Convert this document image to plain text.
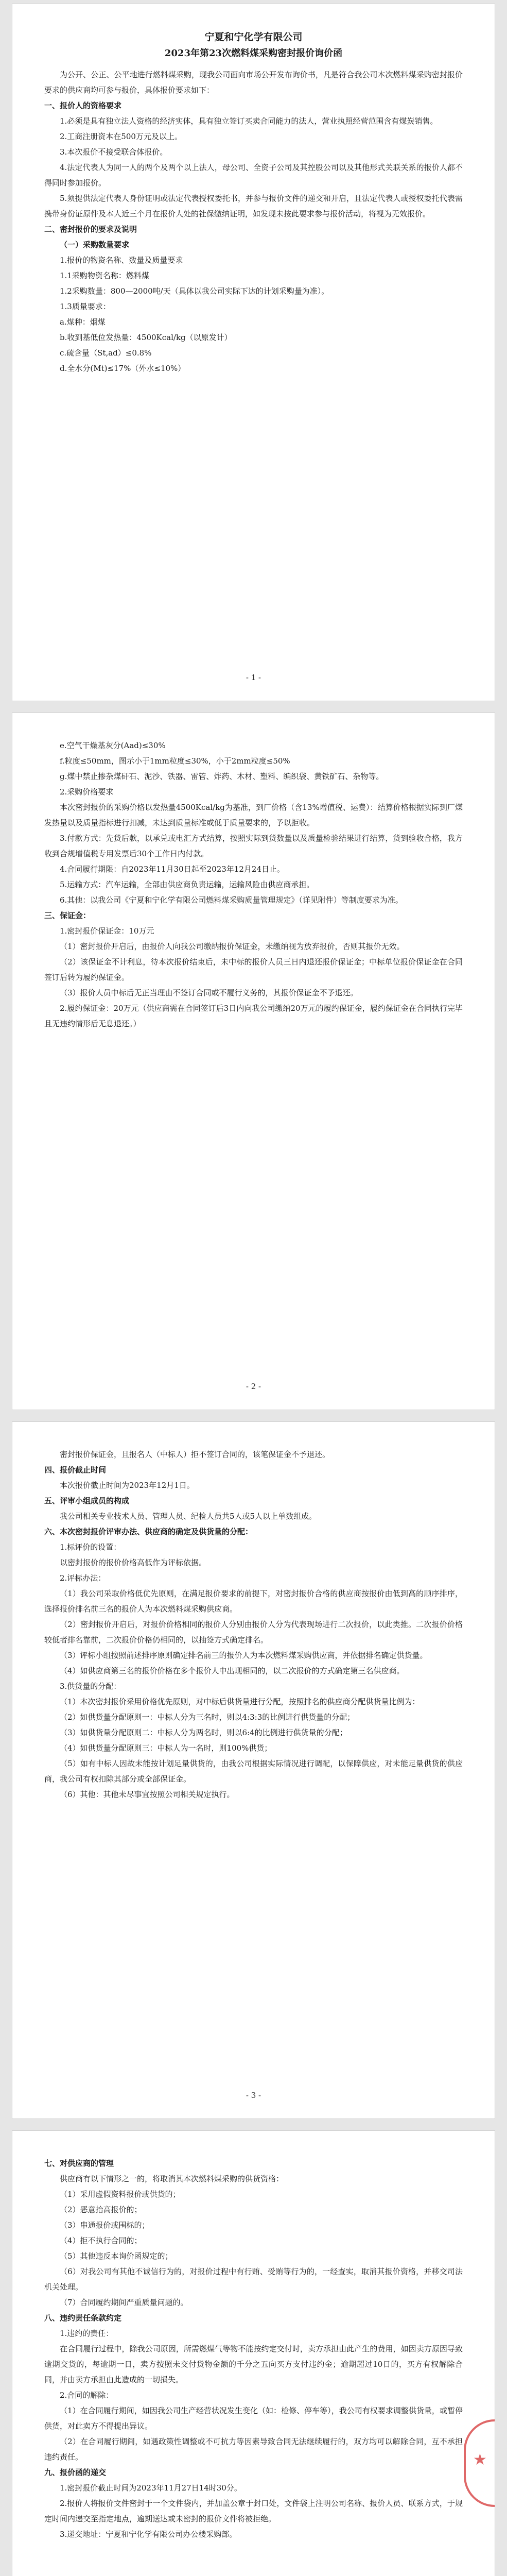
宁夏和宁化学有限公司

2023年第23次燃料煤采购密封报价询价函

为公开、公正、公平地进行燃料煤采购，现我公司面向市场公开发布询价书，凡是符合我公司本次燃料煤采购密封报价要求的供应商均可参与报价，具体报价要求如下：

一、报价人的资格要求

1.必须是具有独立法人资格的经济实体，具有独立签订买卖合同能力的法人，营业执照经营范围含有煤炭销售。

2.工商注册资本在500万元及以上。

3.本次报价不接受联合体报价。

4.法定代表人为同一人的两个及两个以上法人，母公司、全资子公司及其控股公司以及其他形式关联关系的报价人都不得同时参加报价。

5.须提供法定代表人身份证明或法定代表授权委托书，并参与报价文件的递交和开启，且法定代表人或授权委托代表需携带身份证原件及本人近三个月在报价人处的社保缴纳证明，如发现未按此要求参与报价活动，将视为无效报价。

二、密封报价的要求及说明

（一）采购数量要求

1.报价的物资名称、数量及质量要求

1.1采购物资名称：燃料煤

1.2采购数量：800—2000吨/天（具体以我公司实际下达的计划采购量为准）。

1.3质量要求：

a.煤种：烟煤

b.收到基低位发热量：4500Kcal/kg（以原发计）

c.硫含量（St,ad）≤0.8%

d.全水分(Mt)≤17%（外水≤10%）

- 1 -

e.空气干燥基灰分(Aad)≤30%

f.粒度≤50mm，图示小于1mm粒度≤30%，小于2mm粒度≤50%

g.煤中禁止掺杂煤矸石、泥沙、铁器、雷管、炸药、木材、塑料、编织袋、黄铁矿石、杂物等。

2.采购价格要求

本次密封报价的采购价格以发热量4500Kcal/kg为基准，到厂价格（含13%增值税、运费）：结算价格根据实际到厂煤发热量以及质量指标进行扣减，未达到质量标准或低于质量要求的，予以拒收。

3.付款方式：先货后款，以承兑或电汇方式结算，按照实际到货数量以及质量检验结果进行结算，货到验收合格，我方收到合规增值税专用发票后30个工作日内付款。

4.合同履行期限：自2023年11月30日起至2023年12月24日止。

5.运输方式：汽车运输，全部由供应商负责运输，运输风险由供应商承担。

6.其他：以我公司《宁夏和宁化学有限公司燃料煤采购质量管理规定》（详见附件）等制度要求为准。

三、保证金：

1.密封报价保证金：10万元

（1）密封报价开启后，由报价人向我公司缴纳报价保证金，未缴纳视为放弃报价，否则其报价无效。

（2）该保证金不计利息，待本次报价结束后，未中标的报价人员三日内退还报价保证金；中标单位报价保证金在合同签订后转为履约保证金。

（3）报价人员中标后无正当理由不签订合同或不履行义务的，其报价保证金不予退还。

2.履约保证金：20万元（供应商需在合同签订后3日内向我公司缴纳20万元的履约保证金，履约保证金在合同执行完毕且无违约情形后无息退还。）

- 2 -

密封报价保证金，且报名人（中标人）拒不签订合同的，该笔保证金不予退还。

四、报价截止时间

本次报价截止时间为2023年12月1日。

五、评审小组成员的构成

我公司相关专业技术人员、管理人员、纪检人员共5人或5人以上单数组成。

六、本次密封报价评审办法、供应商的确定及供货量的分配：

1.标评价的设置：

以密封报价的报价价格高低作为评标依据。

2.评标办法：

（1）我公司采取价格低优先原则，在满足报价要求的前提下，对密封报价合格的供应商按报价由低到高的顺序排序，选择报价排名前三名的报价人为本次燃料煤采购供应商。

（2）密封报价开启后，对报价价格相同的报价人分别由报价人分为代表现场进行二次报价，以此类推。二次报价价格较低者排名靠前，二次报价价格仍相同的，以抽签方式确定排名。

（3）评标小组按照前述排序原则确定排名前三的报价人为本次燃料煤采购供应商，并依据排名确定供货量。

（4）如供应商第三名的报价价格在多个报价人中出现相同的，以二次报价的方式确定第三名供应商。

3.供货量的分配：

（1）本次密封报价采用价格优先原则，对中标后供货量进行分配，按照排名的供应商分配供货量比例为：

（2）如供货量分配原则一：中标人分为三名时，则以4:3:3的比例进行供货量的分配；

（3）如供货量分配原则二：中标人分为两名时，则以6:4的比例进行供货量的分配；

（4）如供货量分配原则三：中标人为一名时，则100%供货；

（5）如有中标人因故未能按计划足量供货的，由我公司根据实际情况进行调配，以保障供应，对未能足量供货的供应商，我公司有权扣除其部分或全部保证金。

（6）其他：其他未尽事宜按照公司相关规定执行。

- 3 -

七、对供应商的管理

供应商有以下情形之一的，将取消其本次燃料煤采购的供货资格：

（1）采用虚假资料报价或供货的；

（2）恶意抬高报价的；

（3）串通报价或围标的；

（4）拒不执行合同的；

（5）其他违反本询价函规定的；

（6）对我公司有其他不诚信行为的，对报价过程中有行贿、受贿等行为的，一经查实，取消其报价资格，并移交司法机关处理。

（7）合同履约期间严重质量问题的。

八、违约责任条款约定

1.违约的责任：

在合同履行过程中，除我公司原因，所需燃煤气等物不能按约定交付时，卖方承担由此产生的费用，如因卖方原因导致逾期交货的，每逾期一日，卖方按照未交付货物金额的千分之五向买方支付违约金；逾期超过10日的，买方有权解除合同，并由卖方承担由此造成的一切损失。

2.合同的解除：

（1）在合同履行期间，如因我公司生产经营状况发生变化（如：检修、停车等），我公司有权要求调整供货量，或暂停供货，对此卖方不得提出异议。

（2）在合同履行期间，如遇政策性调整或不可抗力等因素导致合同无法继续履行的，双方均可以解除合同，互不承担违约责任。

九、报价函的递交

1.密封报价截止时间为2023年11月27日14时30分。

2.报价人将报价文件密封于一个文件袋内，并加盖公章于封口处，文件袋上注明公司名称、报价人员、联系方式，于规定时间内递交至指定地点，逾期送达或未密封的报价文件将被拒绝。

3.递交地址：宁夏和宁化学有限公司办公楼采购部。

★
